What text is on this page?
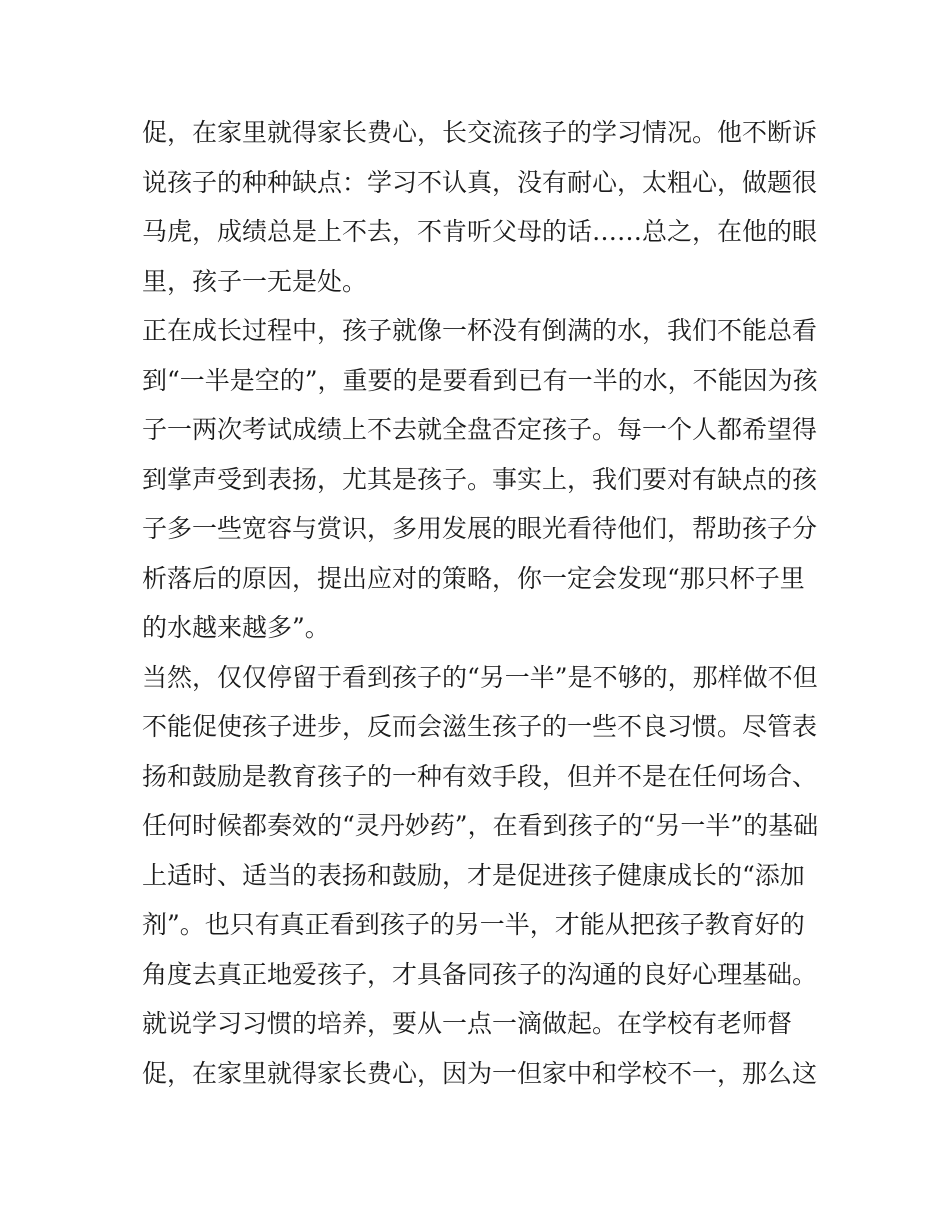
促，在家里就得家长费心，长交流孩子的学习情况。他不断诉
说孩子的种种缺点：学习不认真，没有耐心，太粗心，做题很
马虎，成绩总是上不去，不肯听父母的话……总之，在他的眼
里，孩子一无是处。
正在成长过程中，孩子就像一杯没有倒满的水，我们不能总看
到“一半是空的”，重要的是要看到已有一半的水，不能因为孩
子一两次考试成绩上不去就全盘否定孩子。每一个人都希望得
到掌声受到表扬，尤其是孩子。事实上，我们要对有缺点的孩
子多一些宽容与赏识，多用发展的眼光看待他们，帮助孩子分
析落后的原因，提出应对的策略，你一定会发现“那只杯子里
的水越来越多”。
当然，仅仅停留于看到孩子的“另一半”是不够的，那样做不但
不能促使孩子进步，反而会滋生孩子的一些不良习惯。尽管表
扬和鼓励是教育孩子的一种有效手段，但并不是在任何场合、
任何时候都奏效的“灵丹妙药”，在看到孩子的“另一半”的基础
上适时、适当的表扬和鼓励，才是促进孩子健康成长的“添加
剂”。也只有真正看到孩子的另一半，才能从把孩子教育好的
角度去真正地爱孩子，才具备同孩子的沟通的良好心理基础。
就说学习习惯的培养，要从一点一滴做起。在学校有老师督
促，在家里就得家长费心，因为一但家中和学校不一，那么这
